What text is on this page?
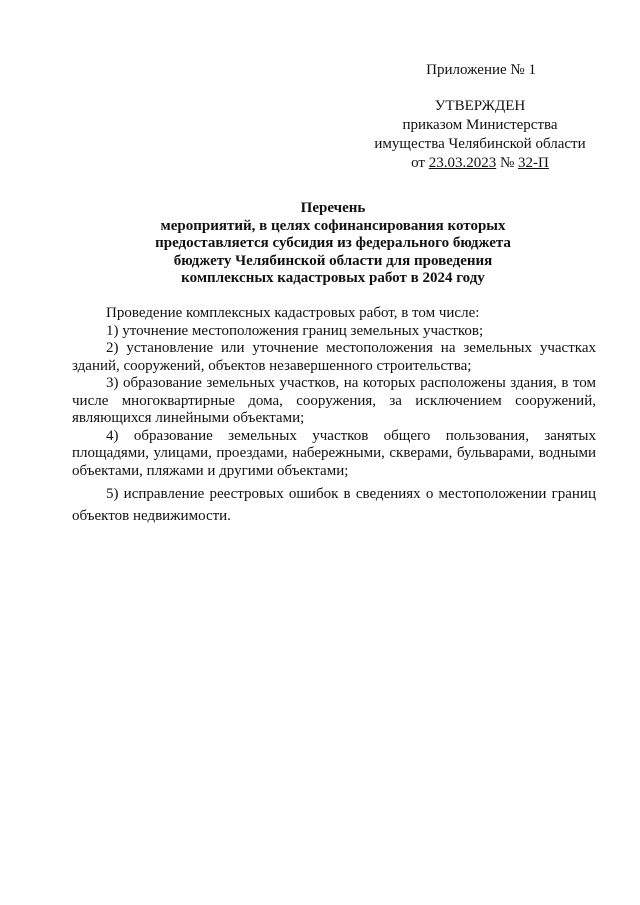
Приложение № 1
УТВЕРЖДЕН
приказом Министерства
имущества Челябинской области
от 23.03.2023 № 32-П
Перечень
мероприятий, в целях софинансирования которых
предоставляется субсидия из федерального бюджета
бюджету Челябинской области для проведения
комплексных кадастровых работ в 2024 году

Проведение комплексных кадастровых работ, в том числе:

1) уточнение местоположения границ земельных участков;

2) установление или уточнение местоположения на земельных участках зданий, сооружений, объектов незавершенного строительства;

3) образование земельных участков, на которых расположены здания, в том числе многоквартирные дома, сооружения, за исключением сооружений, являющихся линейными объектами;

4) образование земельных участков общего пользования, занятых площадями, улицами, проездами, набережными, скверами, бульварами, водными объектами, пляжами и другими объектами;

5) исправление реестровых ошибок в сведениях о местоположении границ объектов недвижимости.
